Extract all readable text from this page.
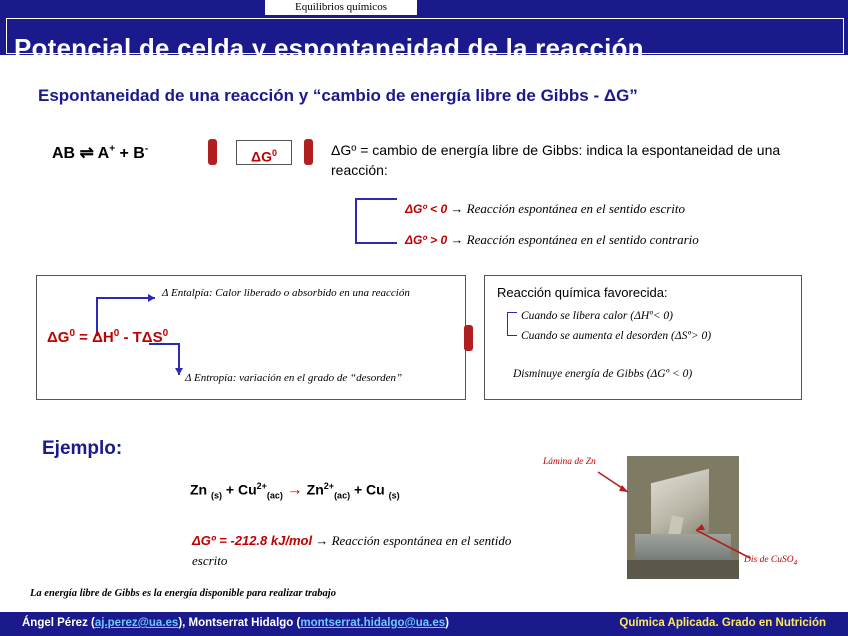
Equilibrios químicos
Potencial de celda y espontaneidad de la reacción
Espontaneidad de una reacción y “cambio de energía libre de Gibbs - ΔG”
AB ⇌ A+ + B-	$\Delta G^0$	ΔGº = cambio de energía libre de Gibbs: indica la espontaneidad de una reacción:
ΔGº < 0 → Reacción espontánea en el sentido escrito
ΔGº > 0 → Reacción espontánea en el sentido contrario
Δ Entalpía: Calor liberado o absorbido en una reacción
$\Delta G^0 = \Delta H^0 - T\Delta S^0$
Δ Entropía: variación en el grado de “desorden”
Reacción química favorecida:
Cuando se libera calor (ΔHº< 0)
Cuando se aumenta el desorden (ΔSº> 0)
Disminuye energía de Gibbs (ΔGº < 0)
Ejemplo:
Zn $_{(s)} + Cu^{2+}_{(ac)} \to Zn^{2+}_{(ac)} + Cu$ $_{(s)}$
ΔGº = -212.8 kJ/mol → Reacción espontánea en el sentido escrito
Lámina de Zn
Dis de CuSO$_4$
La energía libre de Gibbs es la energía disponible para realizar trabajo
Ángel Pérez (aj.perez@ua.es), Montserrat Hidalgo (montserrat.hidalgo@ua.es)	Química Aplicada. Grado en Nutrición
